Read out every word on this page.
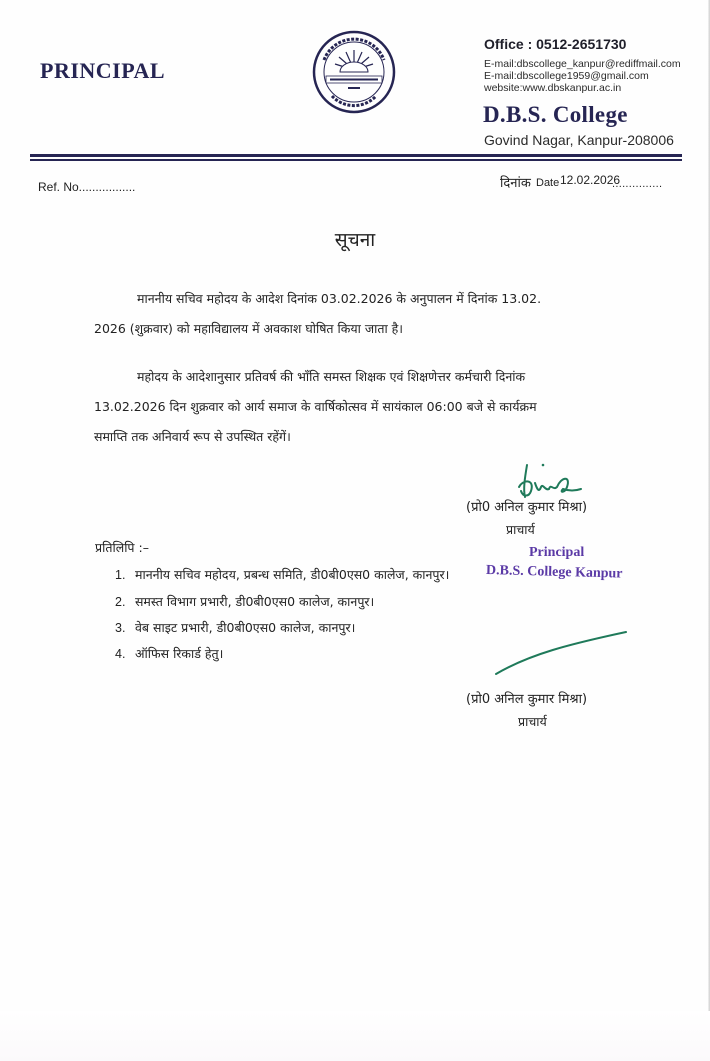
PRINCIPAL
Office : 0512-2651730
E-mail:dbscollege_kanpur@rediffmail.com
E-mail:dbscollege1959@gmail.com
website:www.dbskanpur.ac.in
D.B.S. College
Govind Nagar, Kanpur-208006
Ref. No.................	दिनांक Date 12.02.2026
...............
सूचना
माननीय सचिव महोदय के आदेश दिनांक 03.02.2026 के अनुपालन में दिनांक 13.02.
2026 (शुक्रवार) को महाविद्यालय में अवकाश घोषित किया जाता है।
महोदय के आदेशानुसार प्रतिवर्ष की भाँति समस्त शिक्षक एवं शिक्षणेत्तर कर्मचारी दिनांक
13.02.2026 दिन शुक्रवार को आर्य समाज के वार्षिकोत्सव में सायंकाल 06:00 बजे से कार्यक्रम
समाप्ति तक अनिवार्य रूप से उपस्थित रहेंगें।
(प्रो0 अनिल कुमार मिश्रा)
प्राचार्य
Principal
D.B.S. College Kanpur
प्रतिलिपि :–
1. माननीय सचिव महोदय, प्रबन्ध समिति, डी0बी0एस0 कालेज, कानपुर।
2. समस्त विभाग प्रभारी, डी0बी0एस0 कालेज, कानपुर।
3. वेब साइट प्रभारी, डी0बी0एस0 कालेज, कानपुर।
4. ऑफिस रिकार्ड हेतु।
(प्रो0 अनिल कुमार मिश्रा)
प्राचार्य
